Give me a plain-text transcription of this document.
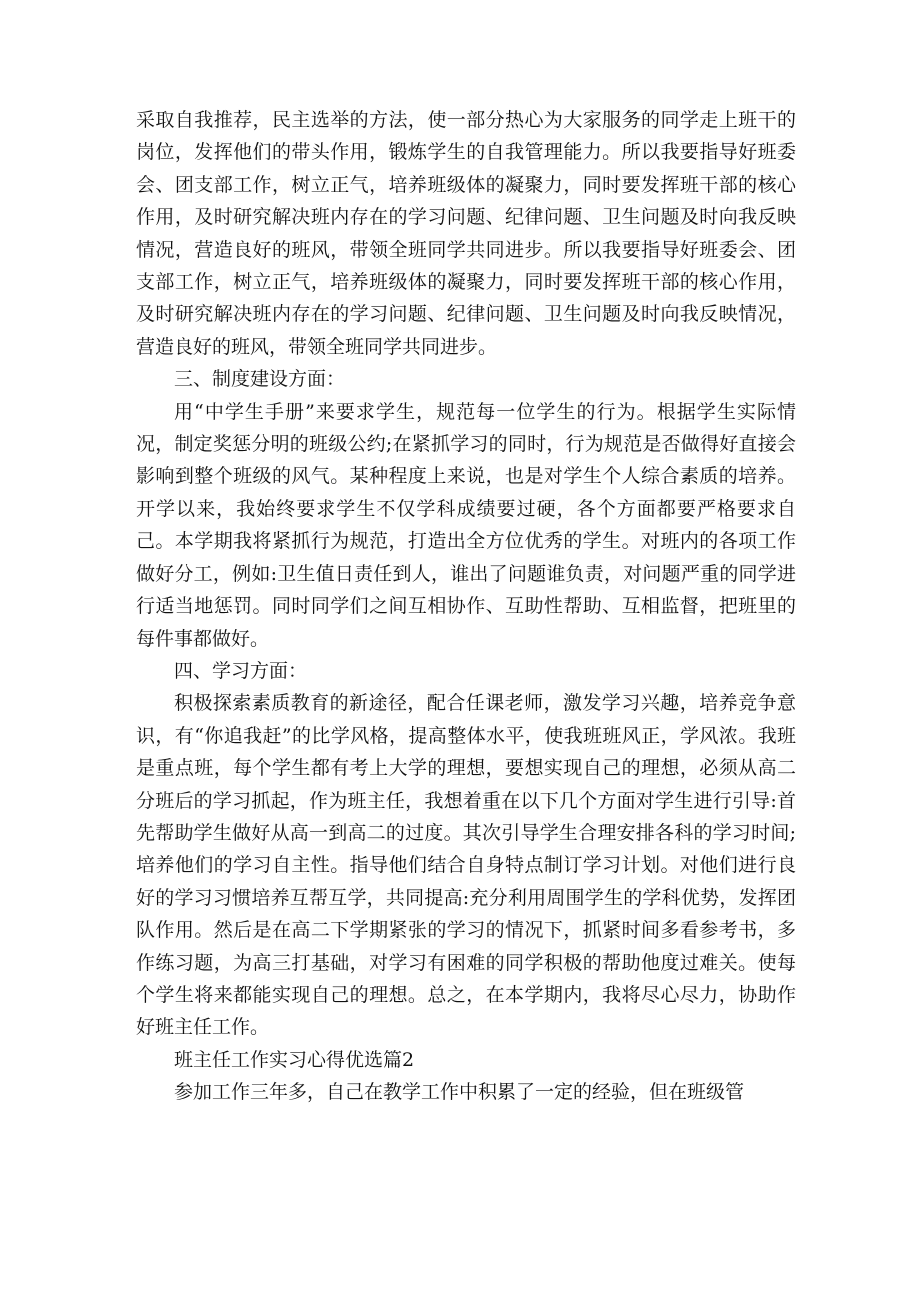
采取自我推荐，民主选举的方法，使一部分热心为大家服务的同学走上班干的岗位，发挥他们的带头作用，锻炼学生的自我管理能力。所以我要指导好班委会、团支部工作，树立正气，培养班级体的凝聚力，同时要发挥班干部的核心作用，及时研究解决班内存在的学习问题、纪律问题、卫生问题及时向我反映情况，营造良好的班风，带领全班同学共同进步。所以我要指导好班委会、团支部工作，树立正气，培养班级体的凝聚力，同时要发挥班干部的核心作用，及时研究解决班内存在的学习问题、纪律问题、卫生问题及时向我反映情况，营造良好的班风，带领全班同学共同进步。

三、制度建设方面：

用“中学生手册”来要求学生，规范每一位学生的行为。根据学生实际情况，制定奖惩分明的班级公约;在紧抓学习的同时，行为规范是否做得好直接会影响到整个班级的风气。某种程度上来说，也是对学生个人综合素质的培养。开学以来，我始终要求学生不仅学科成绩要过硬，各个方面都要严格要求自己。本学期我将紧抓行为规范，打造出全方位优秀的学生。对班内的各项工作做好分工，例如:卫生值日责任到人，谁出了问题谁负责，对问题严重的同学进行适当地惩罚。同时同学们之间互相协作、互助性帮助、互相监督，把班里的每件事都做好。

四、学习方面：

积极探索素质教育的新途径，配合任课老师，激发学习兴趣，培养竞争意识，有“你追我赶”的比学风格，提高整体水平，使我班班风正，学风浓。我班是重点班，每个学生都有考上大学的理想，要想实现自己的理想，必须从高二分班后的学习抓起，作为班主任，我想着重在以下几个方面对学生进行引导:首先帮助学生做好从高一到高二的过度。其次引导学生合理安排各科的学习时间;培养他们的学习自主性。指导他们结合自身特点制订学习计划。对他们进行良好的学习习惯培养互帮互学，共同提高:充分利用周围学生的学科优势，发挥团队作用。然后是在高二下学期紧张的学习的情况下，抓紧时间多看参考书，多作练习题，为高三打基础，对学习有困难的同学积极的帮助他度过难关。使每个学生将来都能实现自己的理想。总之，在本学期内，我将尽心尽力，协助作好班主任工作。

班主任工作实习心得优选篇2

参加工作三年多，自己在教学工作中积累了一定的经验，但在班级管
